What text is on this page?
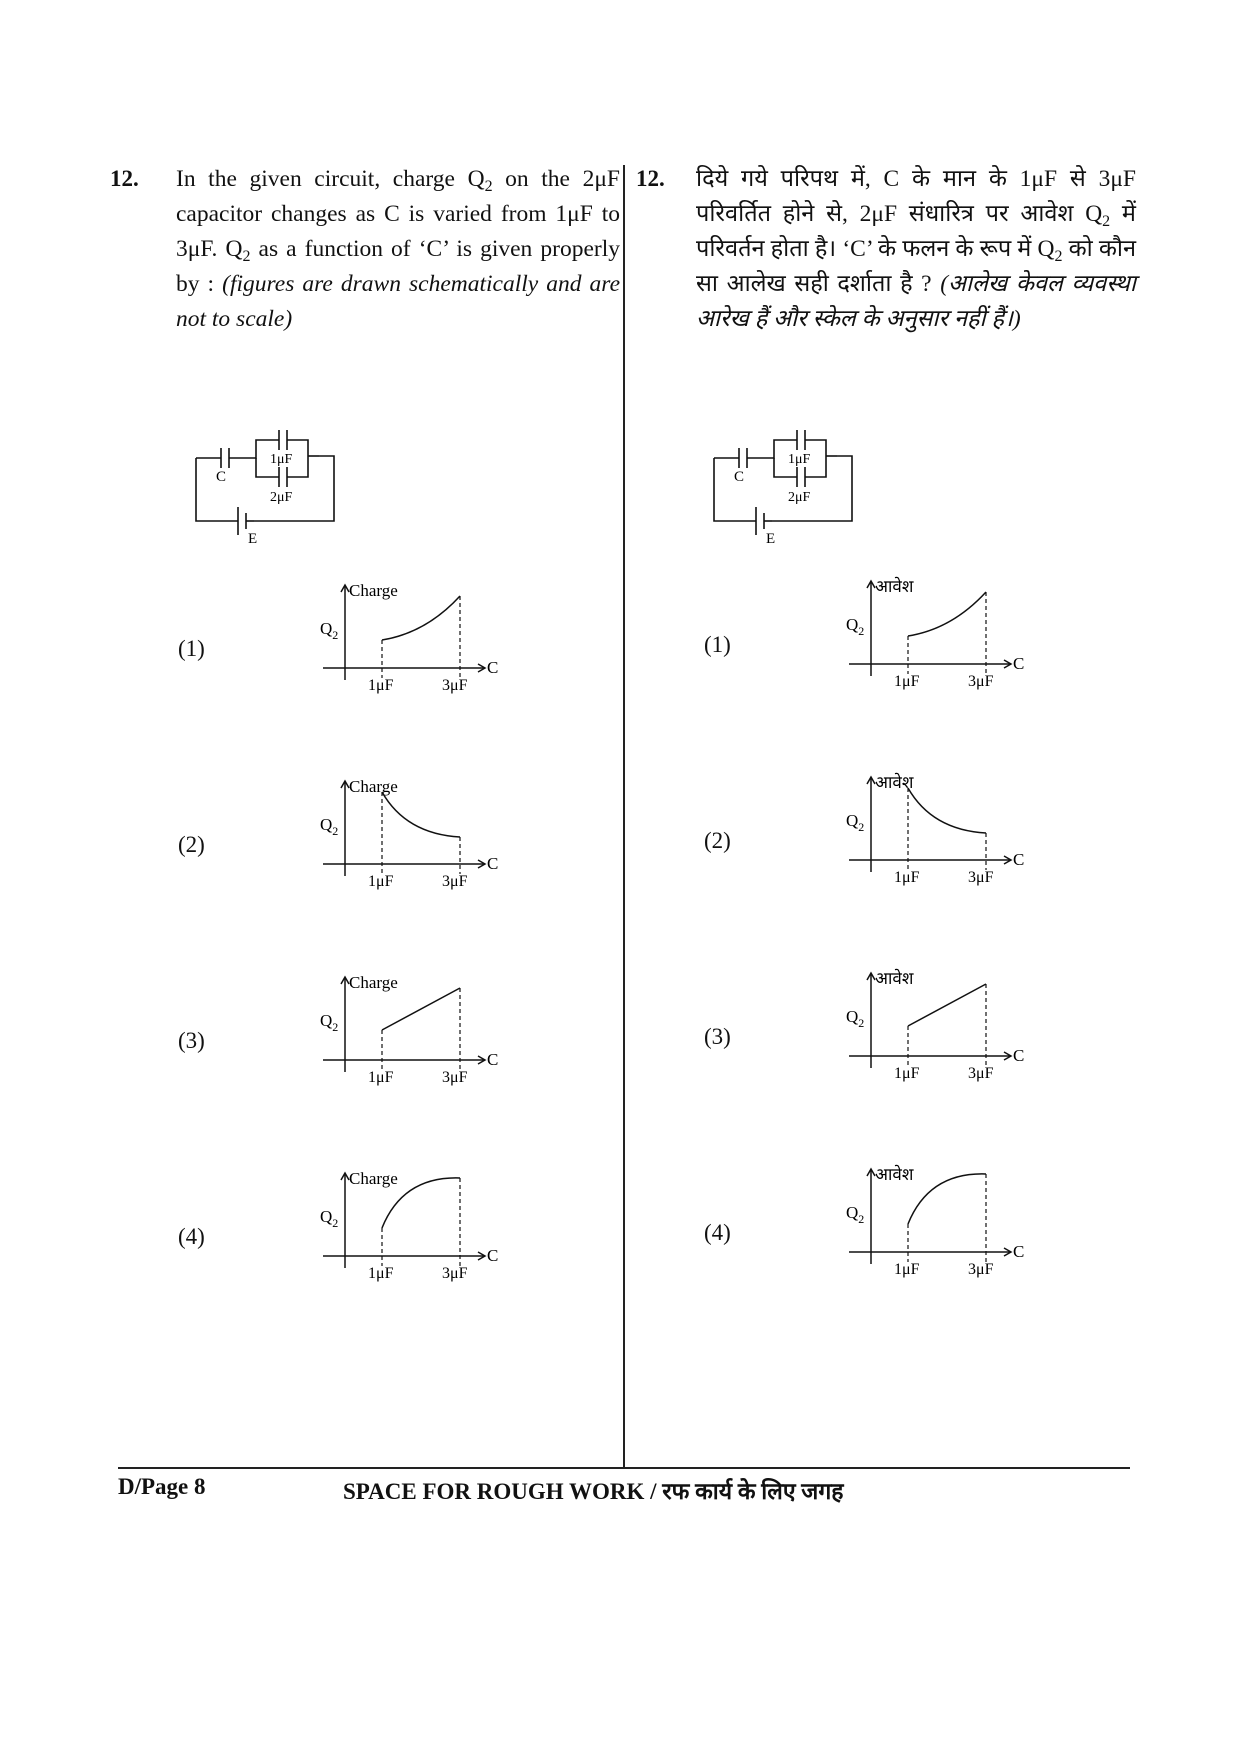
12. In the given circuit, charge $Q_2$ on the 2μF capacitor changes as C is varied from 1μF to 3μF. $Q_2$ as a function of ‘C’ is given properly by : (figures are drawn schematically and are not to scale)
C
1μF
2μF
E
(1)
Charge
$Q_2$
C
1μF	3μF
(2)
Charge
$Q_2$
C
1μF	3μF
(3)
Charge
$Q_2$
C
1μF	3μF
(4)
Charge
$Q_2$
C
1μF	3μF
12. दिये गये परिपथ में, C के मान के 1μF से 3μF परिवर्तित होने से, 2μF संधारित्र पर आवेश $Q_2$ में परिवर्तन होता है। ‘C’ के फलन के रूप में $Q_2$ को कौन सा आलेख सही दर्शाता है ? (आलेख केवल व्यवस्था आरेख हैं और स्केल के अनुसार नहीं हैं।)
C
1μF
2μF
E
(1)
आवेश
$Q_2$
C
1μF	3μF
(2)
आवेश
$Q_2$
C
1μF	3μF
(3)
आवेश
$Q_2$
C
1μF	3μF
(4)
आवेश
$Q_2$
C
1μF	3μF
D/Page 8	SPACE FOR ROUGH WORK / रफ कार्य के लिए जगह
